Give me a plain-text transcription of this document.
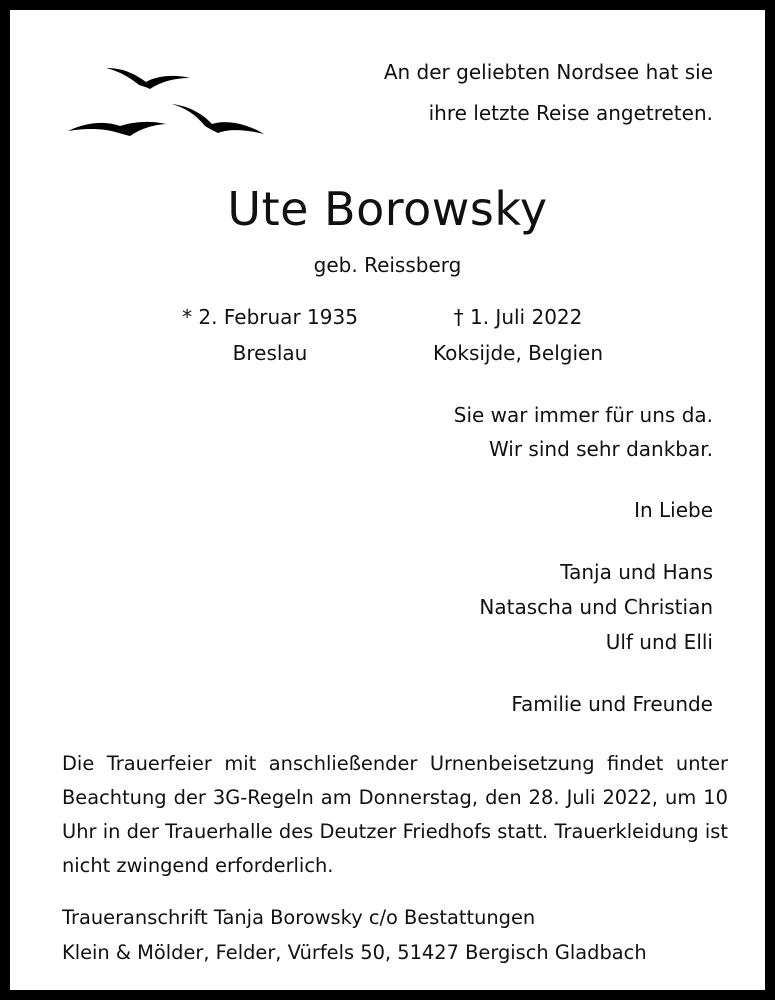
An der geliebten Nordsee hat sie
ihre letzte Reise angetreten.
Ute Borowsky
geb. Reissberg
* 2. Februar 1935
Breslau
† 1. Juli 2022
Koksijde, Belgien
Sie war immer für uns da.
Wir sind sehr dankbar.
In Liebe
Tanja und Hans
Natascha und Christian
Ulf und Elli
Familie und Freunde
Die Trauerfeier mit anschließender Urnenbeisetzung findet unter Beachtung der 3G-Regeln am Donnerstag, den 28. Juli 2022, um 10 Uhr in der Trauerhalle des Deutzer Friedhofs statt. Trauerkleidung ist nicht zwingend erforderlich.
Traueranschrift Tanja Borowsky c/o Bestattungen
Klein & Mölder, Felder, Vürfels 50, 51427 Bergisch Gladbach
